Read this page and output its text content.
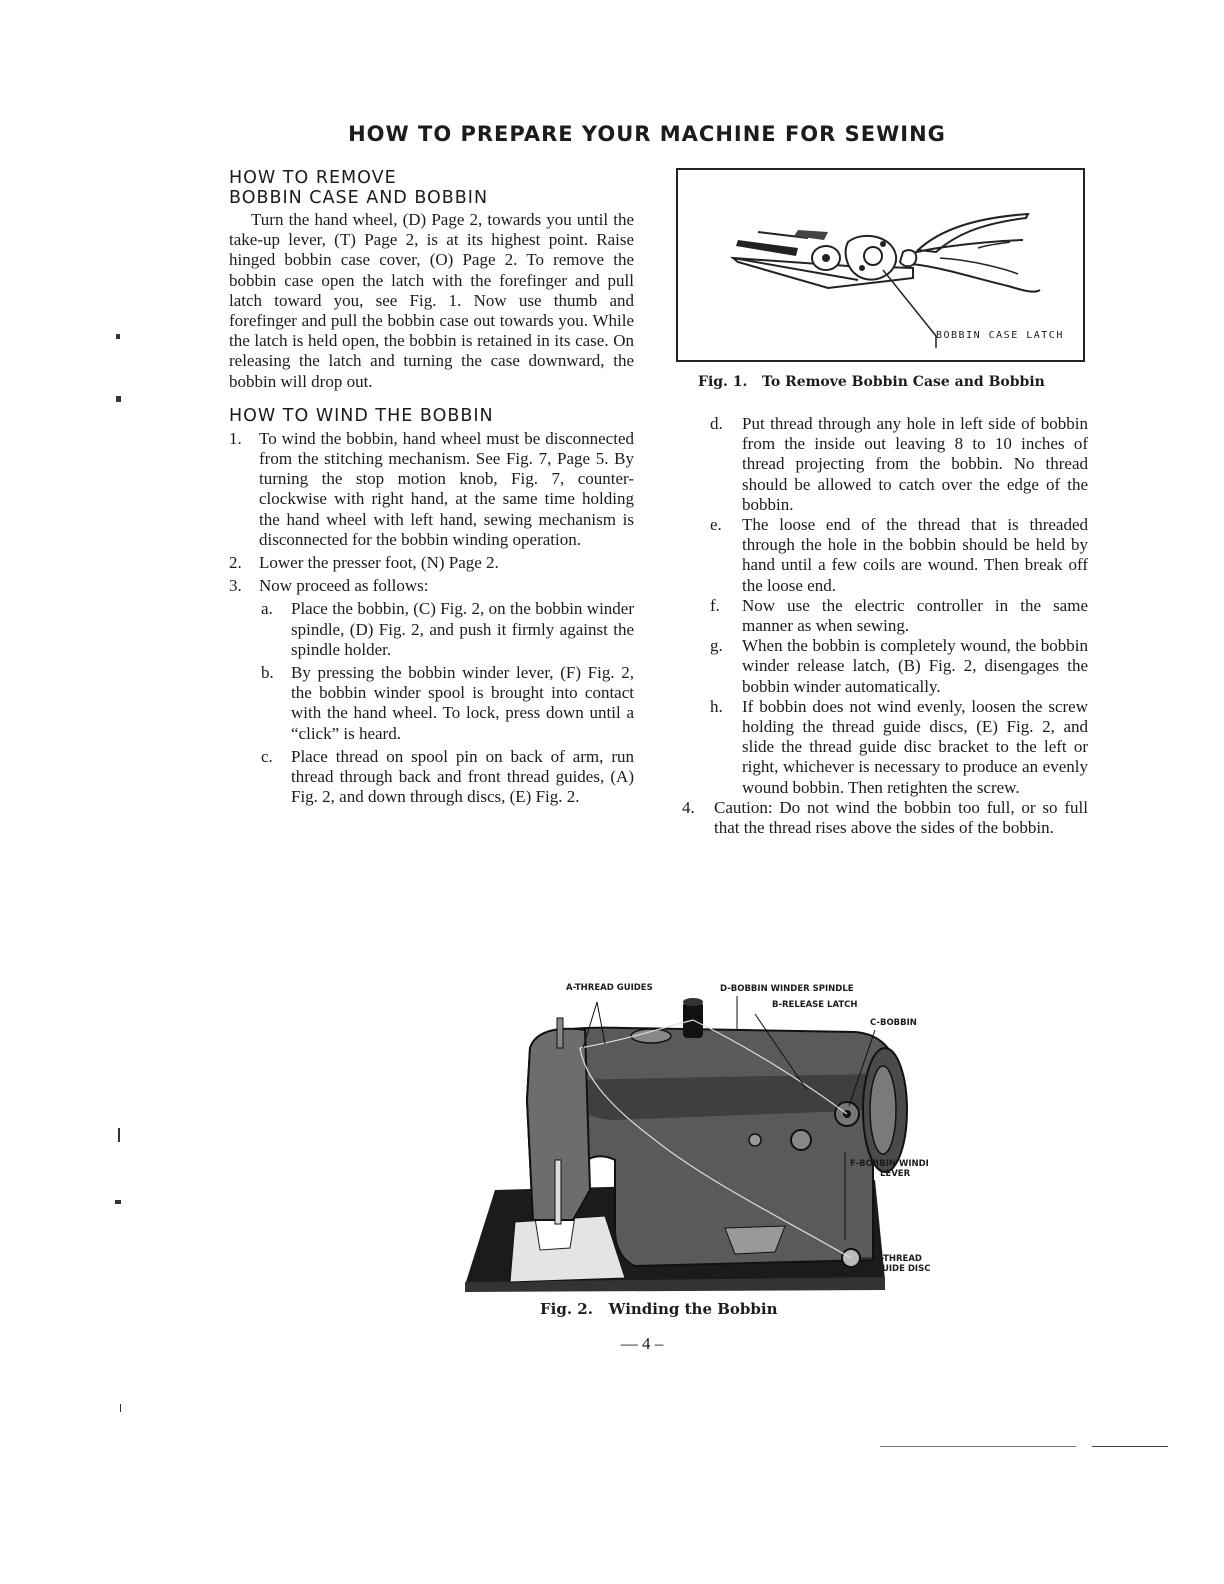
HOW TO PREPARE YOUR MACHINE FOR SEWING
HOW TO REMOVE
BOBBIN CASE AND BOBBIN

Turn the hand wheel, (D) Page 2, towards you until the take-up lever, (T) Page 2, is at its highest point. Raise hinged bobbin case cover, (O) Page 2. To remove the bobbin case open the latch with the forefinger and pull latch toward you, see Fig. 1. Now use thumb and forefinger and pull the bobbin case out towards you. While the latch is held open, the bobbin is retained in its case. On releasing the latch and turning the case downward, the bobbin will drop out.

HOW TO WIND THE BOBBIN
1. To wind the bobbin, hand wheel must be disconnected from the stitching mechanism. See Fig. 7, Page 5. By turning the stop motion knob, Fig. 7, counter-clockwise with right hand, at the same time holding the hand wheel with left hand, sewing mechanism is disconnected for the bobbin winding operation.
2. Lower the presser foot, (N) Page 2.
3. Now proceed as follows:
a. Place the bobbin, (C) Fig. 2, on the bobbin winder spindle, (D) Fig. 2, and push it firmly against the spindle holder.
b. By pressing the bobbin winder lever, (F) Fig. 2, the bobbin winder spool is brought into contact with the hand wheel. To lock, press down until a “click” is heard.
c. Place thread on spool pin on back of arm, run thread through back and front thread guides, (A) Fig. 2, and down through discs, (E) Fig. 2.
BOBBIN CASE LATCH
Fig. 1. To Remove Bobbin Case and Bobbin
d. Put thread through any hole in left side of bobbin from the inside out leaving 8 to 10 inches of thread projecting from the bobbin. No thread should be allowed to catch over the edge of the bobbin.
e. The loose end of the thread that is threaded through the hole in the bobbin should be held by hand until a few coils are wound. Then break off the loose end.
f. Now use the electric controller in the same manner as when sewing.
g. When the bobbin is completely wound, the bobbin winder release latch, (B) Fig. 2, disengages the bobbin winder automatically.
h. If bobbin does not wind evenly, loosen the screw holding the thread guide discs, (E) Fig. 2, and slide the thread guide disc bracket to the left or right, whichever is necessary to produce an evenly wound bobbin. Then retighten the screw.
4. Caution: Do not wind the bobbin too full, or so full that the thread rises above the sides of the bobbin.
A-THREAD GUIDES	D-BOBBIN WINDER SPINDLE
B-RELEASE LATCH
C-BOBBIN
F-BOBBIN WINDI
LEVER
E-THREAD
GUIDE DISC
Fig. 2. Winding the Bobbin
— 4 –
